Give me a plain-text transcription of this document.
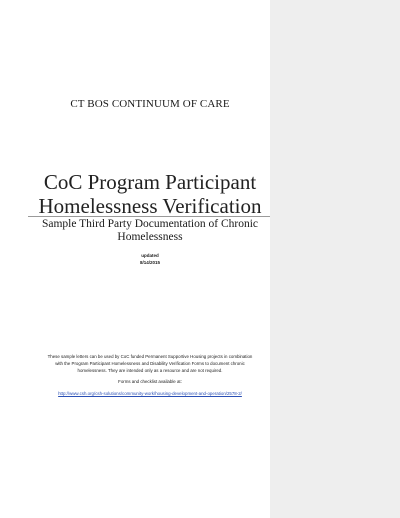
CT BOS CONTINUUM OF CARE
CoC Program Participant
Homelessness Verification
Sample Third Party Documentation of Chronic
Homelessness
updated
8/14/2015
These sample letters can be used by CoC funded Permanent Supportive Housing projects in combination
with the Program Participant Homelessness and Disability Verification Forms to document chronic
homelessness. They are intended only as a resource and are not required.
Forms and checklist available at:
http://www.csh.org/csh-solutions/community-work/housing-development-and-operation/2578-2/
